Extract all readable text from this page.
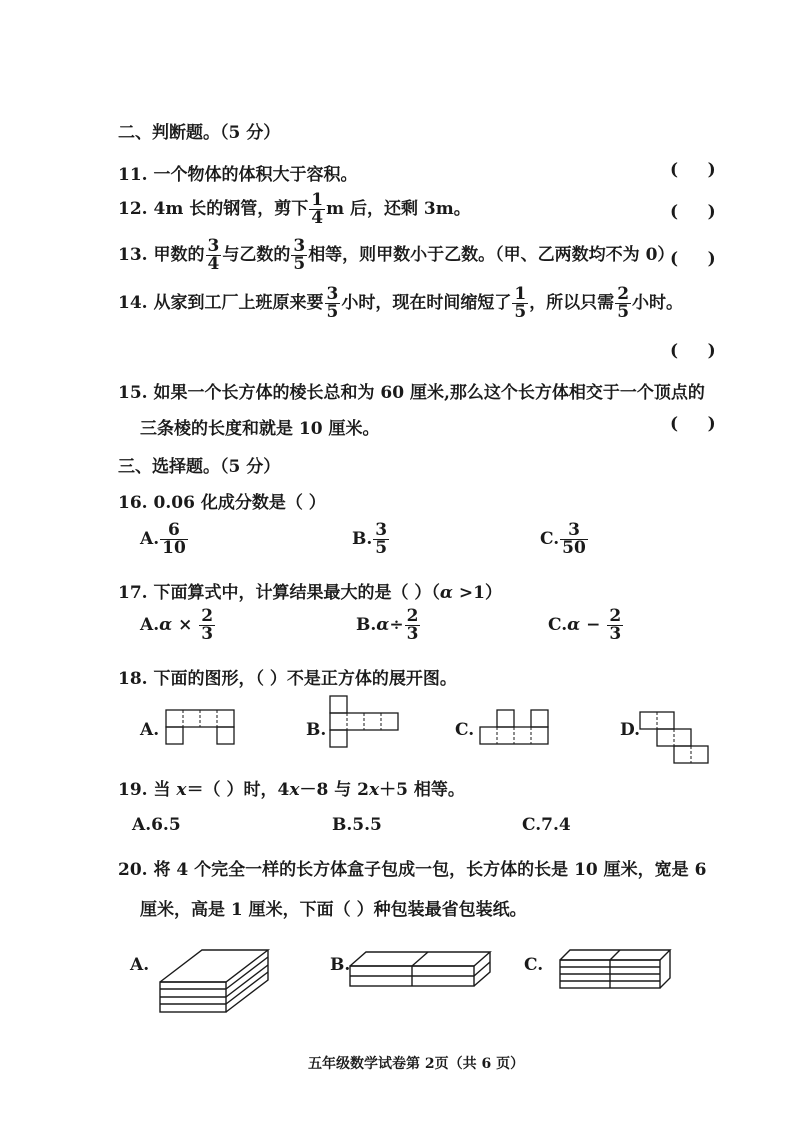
二、判断题。（5 分）
11. 一个物体的体积大于容积。	(     )
12. 4m 长的钢管，剪下 $\frac{1}{4}$ m 后，还剩 3m。	(     )
13. 甲数的 $\frac{3}{4}$ 与乙数的 $\frac{3}{5}$ 相等，则甲数小于乙数。（甲、乙两数均不为 0）
(     )
14. 从家到工厂上班原来要 $\frac{3}{5}$ 小时，现在时间缩短了 $\frac{1}{5}$ ，所以只需 $\frac{2}{5}$ 小时。
(     )
15. 如果一个长方体的棱长总和为 60 厘米,那么这个长方体相交于一个顶点的
三条棱的长度和就是 10 厘米。	(     )
三、选择题。（5 分）
16. 0.06 化成分数是（ ）
A. $\frac{6}{10}$	B. $\frac{3}{5}$	C. $\frac{3}{50}$
17. 下面算式中，计算结果最大的是（ ）（α >1）
$A.\alpha \times \frac{2}{3}$	$B.\alpha\div \frac{2}{3}$	$C.\alpha - \frac{2}{3}$
18. 下面的图形，（ ）不是正方体的展开图。
A.	B.	C.	D.
19. 当 x＝（ ）时，4x－8 与 2x＋5 相等。
A.6.5	B.5.5	C.7.4
20. 将 4 个完全一样的长方体盒子包成一包，长方体的长是 10 厘米，宽是 6
厘米，高是 1 厘米，下面（ ）种包装最省包装纸。
A.	B.	C.
五年级数学试卷第 2页（共 6 页）
